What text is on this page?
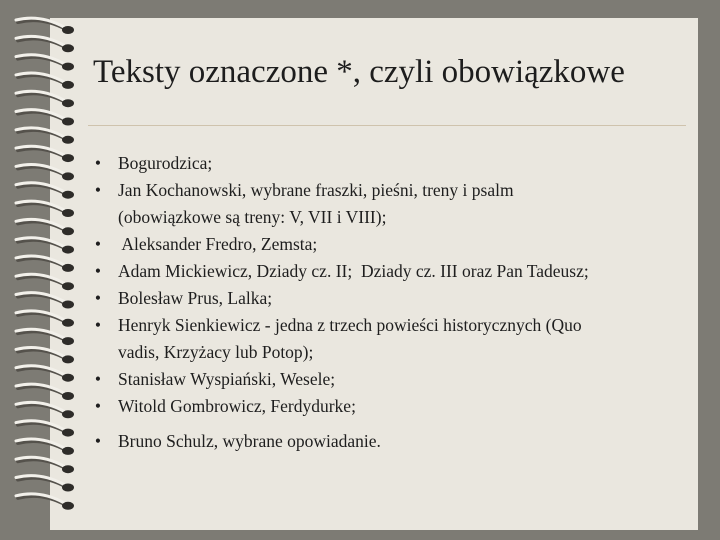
Teksty oznaczone *, czyli obowiązkowe
• Bogurodzica;
• Jan Kochanowski, wybrane fraszki, pieśni, treny i psalm
(obowiązkowe są treny: V, VII i VIII);
• Aleksander Fredro, Zemsta;
• Adam Mickiewicz, Dziady cz. II;  Dziady cz. III oraz Pan Tadeusz;
• Bolesław Prus, Lalka;
• Henryk Sienkiewicz - jedna z trzech powieści historycznych (Quo
vadis, Krzyżacy lub Potop);
• Stanisław Wyspiański, Wesele;
• Witold Gombrowicz, Ferdydurke;
• Bruno Schulz, wybrane opowiadanie.
